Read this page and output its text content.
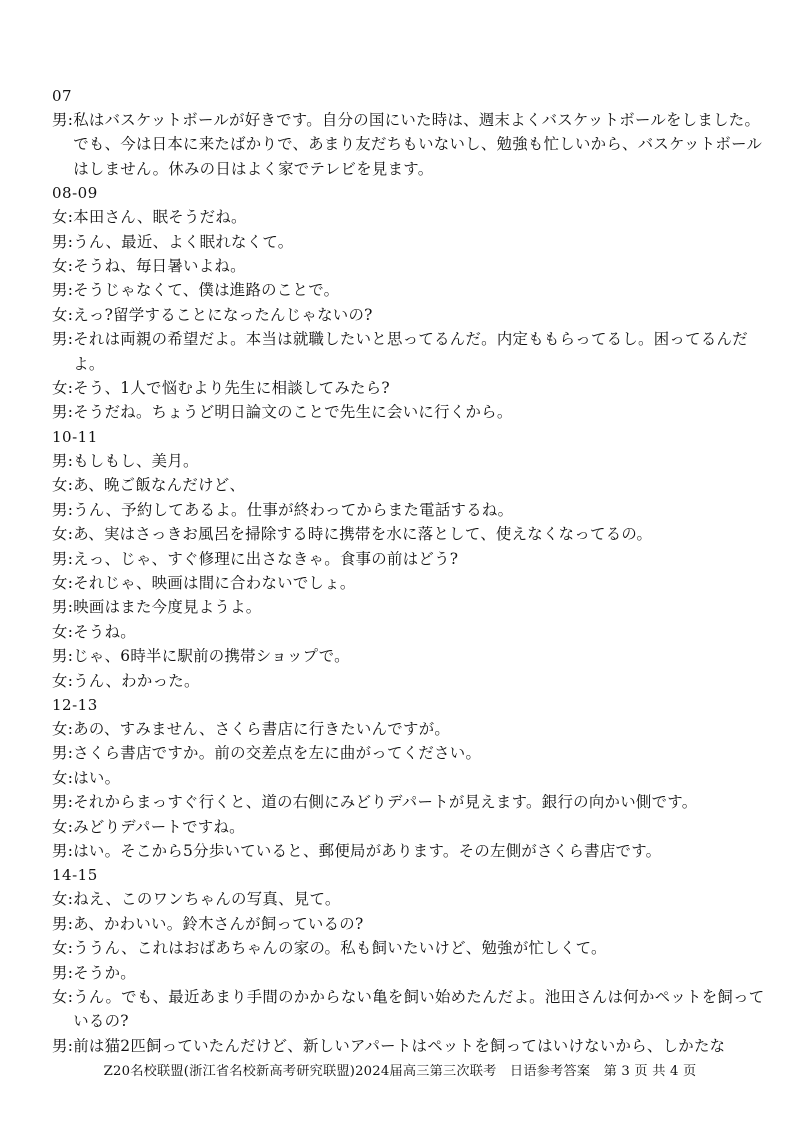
07
男: 私はバスケットボールが好きです。自分の国にいた時は、週末よくバスケットボールをしました。でも、今は日本に来たばかりで、あまり友だちもいないし、勉強も忙しいから、バスケットボールはしません。休みの日はよく家でテレビを見ます。
08-09
女: 本田さん、眠そうだね。
男: うん、最近、よく眠れなくて。
女: そうね、毎日暑いよね。
男: そうじゃなくて、僕は進路のことで。
女: えっ?留学することになったんじゃないの?
男: それは両親の希望だよ。本当は就職したいと思ってるんだ。内定ももらってるし。困ってるんだよ。
女: そう、1人で悩むより先生に相談してみたら?
男: そうだね。ちょうど明日論文のことで先生に会いに行くから。
10-11
男: もしもし、美月。
女: あ、晩ご飯なんだけど、
男: うん、予約してあるよ。仕事が終わってからまた電話するね。
女: あ、実はさっきお風呂を掃除する時に携帯を水に落として、使えなくなってるの。
男: えっ、じゃ、すぐ修理に出さなきゃ。食事の前はどう?
女: それじゃ、映画は間に合わないでしょ。
男: 映画はまた今度見ようよ。
女: そうね。
男: じゃ、6時半に駅前の携帯ショップで。
女: うん、わかった。
12-13
女: あの、すみません、さくら書店に行きたいんですが。
男: さくら書店ですか。前の交差点を左に曲がってください。
女: はい。
男: それからまっすぐ行くと、道の右側にみどりデパートが見えます。銀行の向かい側です。
女: みどりデパートですね。
男: はい。そこから5分歩いていると、郵便局があります。その左側がさくら書店です。
14-15
女: ねえ、このワンちゃんの写真、見て。
男: あ、かわいい。鈴木さんが飼っているの?
女: ううん、これはおばあちゃんの家の。私も飼いたいけど、勉強が忙しくて。
男: そうか。
女: うん。でも、最近あまり手間のかからない亀を飼い始めたんだよ。池田さんは何かペットを飼っているの?
男: 前は猫2匹飼っていたんだけど、新しいアパートはペットを飼ってはいけないから、しかたな
Z20名校联盟(浙江省名校新高考研究联盟)2024届高三第三次联考　日语参考答案　第 3 页 共 4 页
